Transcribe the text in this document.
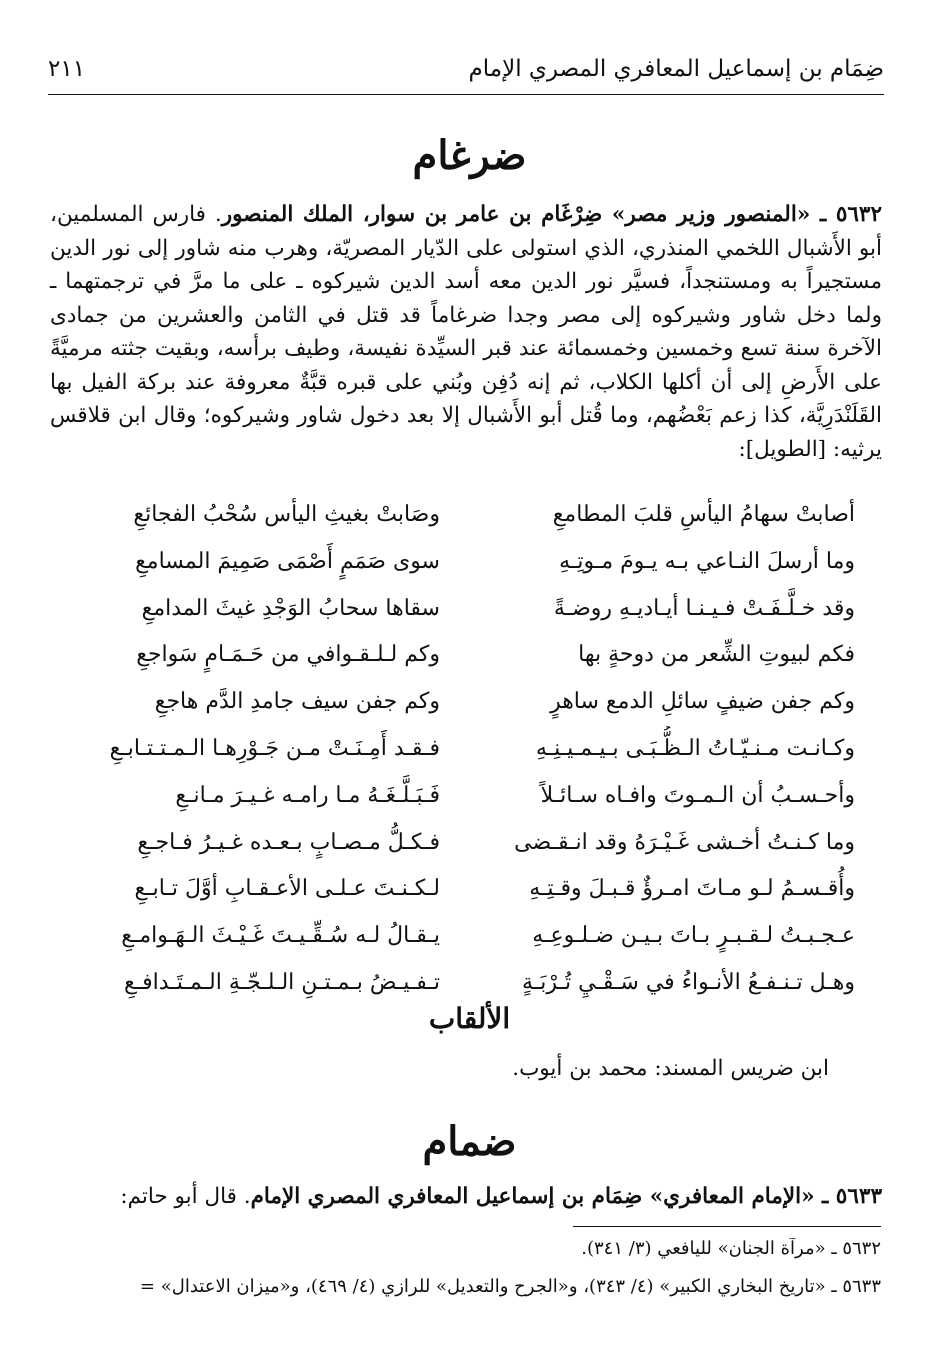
ضِمَام بن إسماعيل المعافري المصري الإمام
٢١١
ضرغام
٥٦٣٢ ـ «المنصور وزير مصر» ضِرْغَام بن عامر بن سوار، الملك المنصور. فارس المسلمين، أبو الأَشبال اللخمي المنذري، الذي استولى على الدّيار المصريّة، وهرب منه شاور إلى نور الدين مستجيراً به ومستنجداً، فسيَّر نور الدين معه أسد الدين شيركوه ـ على ما مرَّ في ترجمتهما ـ ولما دخل شاور وشيركوه إلى مصر وجدا ضرغاماً قد قتل في الثامن والعشرين من جمادى الآخرة سنة تسع وخمسين وخمسمائة عند قبر السيِّدة نفيسة، وطيف برأسه، وبقيت جثته مرميَّةً على الأَرضِ إلى أن أكلها الكلاب، ثم إنه دُفِن وبُني على قبره قبَّةٌ معروفة عند بركة الفيل بها القَلَنْدَرِيَّة، كذا زعم بَعْضُهم، وما قُتل أبو الأَشبال إلا بعد دخول شاور وشيركوه؛ وقال ابن قلاقس يرثيه: [الطويل]:
أصابتْ سهامُ اليأسِ قلبَ المطامعِ
وصَابتْ بغيثِ اليأس سُحْبُ الفجائعِ
وما أرسلَ النـاعي بـه يـومَ مـوتِـهِ
سوى صَمَمٍ أَصْمَى صَمِيمَ المسامعِ
وقد خـلَّـفَـتْ فـيـنـا أيـاديـهِ روضـةً
سقاها سحابُ الوَجْدِ غيثَ المدامعِ
فكم لبيوتِ الشِّعر من دوحةٍ بها
وكم لـلـقـوافي من حَـمَـامٍ سَواجعِ
وكم جفن ضيفٍ سائلِ الدمع ساهرٍ
وكم جفن سيف جامدِ الدَّم هاجعِ
وكـانـت مـنـيّـاتُ الـظُّـبَـى بـيـمـيـنِـهِ
فـقـد أَمِـنَـتْ مـن جَـوْرِهـا الـمـتـتـابـعِ
وأحـسـبُ أن الـمـوتَ وافـاه سـائـلاً
فَـبَـلَّـغَـهُ مـا رامـه غـيـرَ مـانـعِ
وما كـنـتُ أخـشى غَـيْـرَهُ وقد انـقـضى
فـكـلُّ مـصـابٍ بـعـده غـيـرُ فـاجـعِ
وأُقـسـمُ لـو مـاتَ امـرؤٌ قـبـلَ وقـتِـهِ
لـكـنـتَ عـلـى الأعـقـابِ أوَّلَ تـابـعِ
عـجـبـتُ لـقـبـرٍ بـاتَ بـيـن ضـلـوعِـهِ
يـقـالُ لـه سُـقِّـيـتَ غَـيْـثَ الـهَـوامـعِ
وهـل تـنـفـعُ الأنـواءُ في سَـقْـيِ تُـرْبَـةٍ
تـفـيـضُ بـمـتـنِ الـلـجّـةِ الـمـتَـدافـعِ
الألقاب
ابن ضريس المسند: محمد بن أيوب.
ضمام
٥٦٣٣ ـ «الإمام المعافري» ضِمَام بن إسماعيل المعافري المصري الإمام. قال أبو حاتم:
٥٦٣٢ ـ «مرآة الجنان» لليافعي (٣/ ٣٤١).
٥٦٣٣ ـ «تاريخ البخاري الكبير» (٤/ ٣٤٣)، و«الجرح والتعديل» للرازي (٤/ ٤٦٩)، و«ميزان الاعتدال» =
